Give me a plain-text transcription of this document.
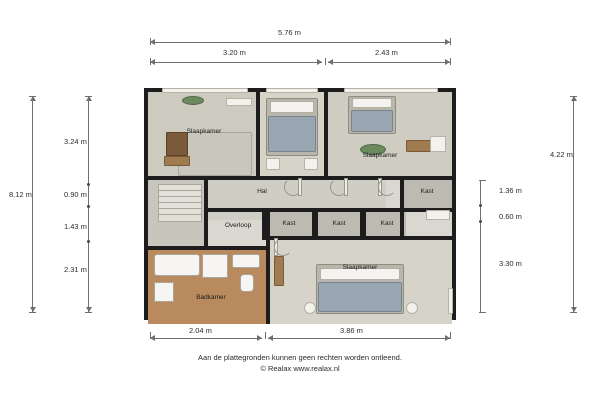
5.76 m
3.20 m	2.43 m
8.12 m
3.24 m
0.90 m
1.43 m
2.31 m
4.22 m
1.36 m
0.60 m
3.30 m
2.04 m	3.86 m
Slaapkamer
Slaapkamer
Hal	Kast
Overloop	Kast	Kast	Kast
Slaapkamer
Badkamer
Aan de plattegronden kunnen geen rechten worden ontleend.
© Realax www.realax.nl
